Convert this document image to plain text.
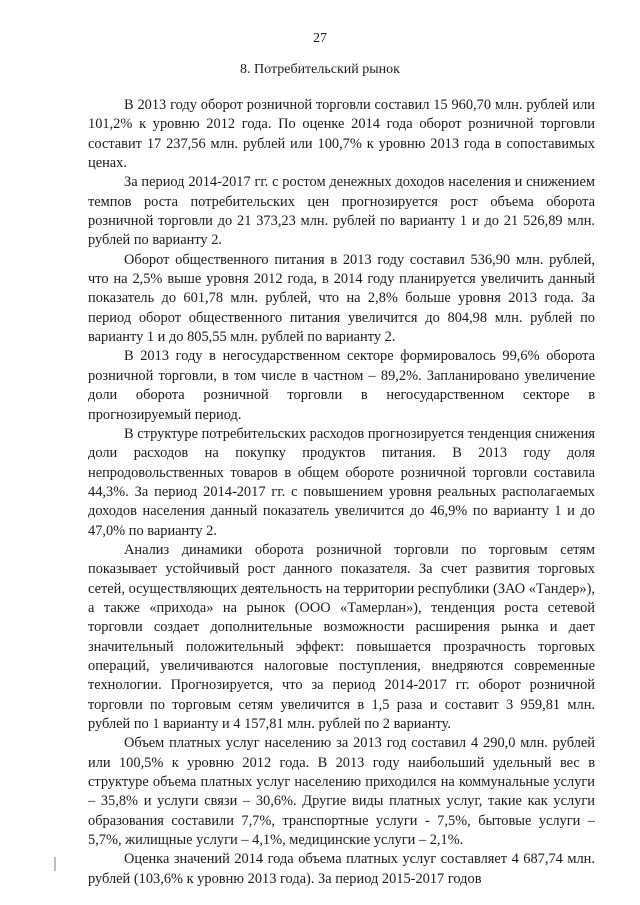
27
8. Потребительский рынок

В 2013 году оборот розничной торговли составил 15 960,70 млн. рублей или 101,2% к уровню 2012 года. По оценке 2014 года оборот розничной торговли составит 17 237,56 млн. рублей или 100,7% к уровню 2013 года в сопоставимых ценах.

За период 2014-2017 гг. с ростом денежных доходов населения и снижением темпов роста потребительских цен прогнозируется рост объема оборота розничной торговли до 21 373,23 млн. рублей по варианту 1 и до 21 526,89 млн. рублей по варианту 2.

Оборот общественного питания в 2013 году составил 536,90 млн. рублей, что на 2,5% выше уровня 2012 года, в 2014 году планируется увеличить данный показатель до 601,78 млн. рублей, что на 2,8% больше уровня 2013 года. За период оборот общественного питания увеличится до 804,98 млн. рублей по варианту 1 и до 805,55 млн. рублей по варианту 2.

В 2013 году в негосударственном секторе формировалось 99,6% оборота розничной торговли, в том числе в частном – 89,2%. Запланировано увеличение доли оборота розничной торговли в негосударственном секторе в прогнозируемый период.

В структуре потребительских расходов прогнозируется тенденция снижения доли расходов на покупку продуктов питания. В 2013 году доля непродовольственных товаров в общем обороте розничной торговли составила 44,3%. За период 2014-2017 гг. с повышением уровня реальных располагаемых доходов населения данный показатель увеличится до 46,9% по варианту 1 и до 47,0% по варианту 2.

Анализ динамики оборота розничной торговли по торговым сетям показывает устойчивый рост данного показателя. За счет развития торговых сетей, осуществляющих деятельность на территории республики (ЗАО «Тандер»), а также «прихода» на рынок (ООО «Тамерлан»), тенденция роста сетевой торговли создает дополнительные возможности расширения рынка и дает значительный положительный эффект: повышается прозрачность торговых операций, увеличиваются налоговые поступления, внедряются современные технологии. Прогнозируется, что за период 2014-2017 гг. оборот розничной торговли по торговым сетям увеличится в 1,5 раза и составит 3 959,81 млн. рублей по 1 варианту и 4 157,81 млн. рублей по 2 варианту.

Объем платных услуг населению за 2013 год составил 4 290,0 млн. рублей или 100,5% к уровню 2012 года. В 2013 году наибольший удельный вес в структуре объема платных услуг населению приходился на коммунальные услуги – 35,8% и услуги связи – 30,6%. Другие виды платных услуг, такие как услуги образования составили 7,7%, транспортные услуги - 7,5%, бытовые услуги – 5,7%, жилищные услуги – 4,1%, медицинские услуги – 2,1%.

Оценка значений 2014 года объема платных услуг составляет 4 687,74 млн. рублей (103,6% к уровню 2013 года). За период 2015-2017 годов
